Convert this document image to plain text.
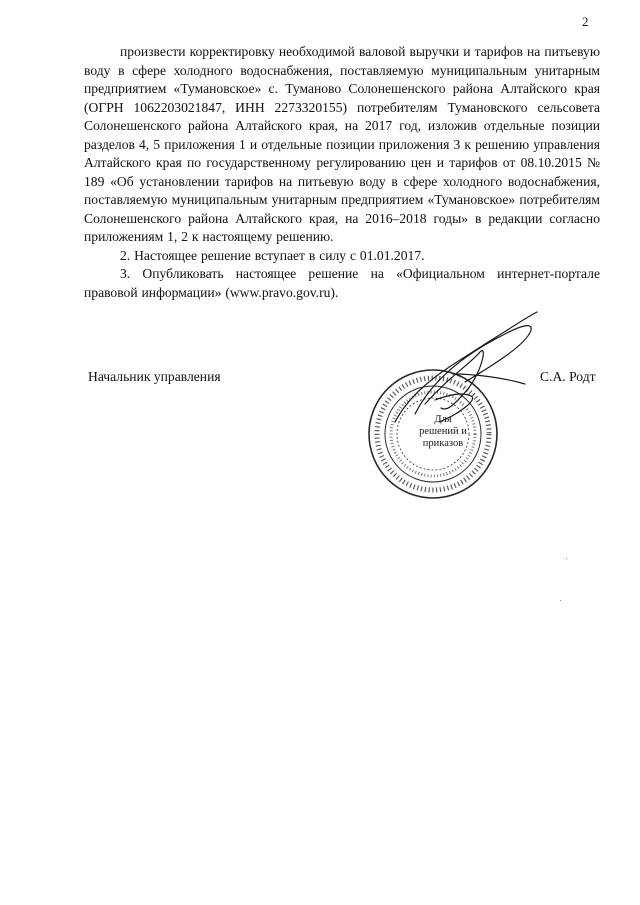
2

произвести корректировку необходимой валовой выручки и тарифов на питьевую воду в сфере холодного водоснабжения, поставляемую муниципальным унитарным предприятием «Тумановское» с. Туманово Солонешенского района Алтайского края (ОГРН 1062203021847, ИНН 2273320155) потребителям Тумановского сельсовета Солонешенского района Алтайского края, на 2017 год, изложив отдельные позиции разделов 4, 5 приложения 1 и отдельные позиции приложения 3 к решению управления Алтайского края по государственному регулированию цен и тарифов от 08.10.2015 № 189 «Об установлении тарифов на питьевую воду в сфере холодного водоснабжения, поставляемую муниципальным унитарным предприятием «Тумановское» потребителям Солонешенского района Алтайского края, на 2016–2018 годы» в редакции согласно приложениям 1, 2 к настоящему решению.

2. Настоящее решение вступает в силу с 01.01.2017.

3. Опубликовать настоящее решение на «Официальном интернет-портале правовой информации» (www.pravo.gov.ru).

Начальник управления	С.А. Родт
Для
решений и
приказов
